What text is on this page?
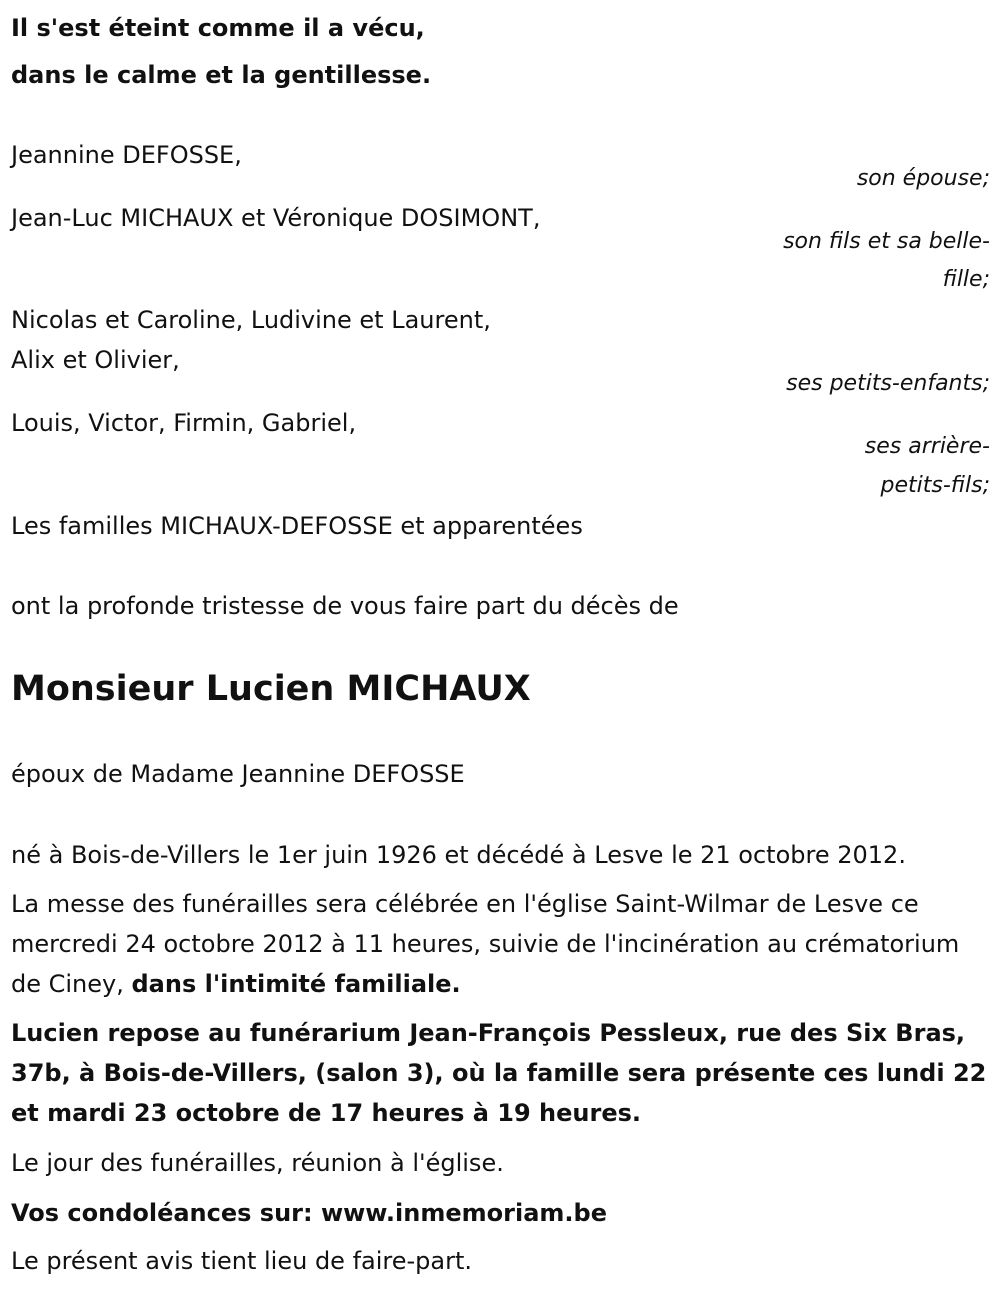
Il s'est éteint comme il a vécu,
dans le calme et la gentillesse.
Jeannine DEFOSSE,
son épouse;
Jean-Luc MICHAUX et Véronique DOSIMONT,
son fils et sa belle-
fille;
Nicolas et Caroline, Ludivine et Laurent,
Alix et Olivier,
ses petits-enfants;
Louis, Victor, Firmin, Gabriel,
ses arrière-
petits-fils;
Les familles MICHAUX-DEFOSSE et apparentées
ont la profonde tristesse de vous faire part du décès de
Monsieur Lucien MICHAUX
époux de Madame Jeannine DEFOSSE
né à Bois-de-Villers le 1er juin 1926 et décédé à Lesve le 21 octobre 2012.
La messe des funérailles sera célébrée en l'église Saint-Wilmar de Lesve ce mercredi 24 octobre 2012 à 11 heures, suivie de l'incinération au crématorium de Ciney, dans l'intimité familiale.
Lucien repose au funérarium Jean-François Pessleux, rue des Six Bras, 37b, à Bois-de-Villers, (salon 3), où la famille sera présente ces lundi 22 et mardi 23 octobre de 17 heures à 19 heures.
Le jour des funérailles, réunion à l'église.
Vos condoléances sur: www.inmemoriam.be
Le présent avis tient lieu de faire-part.
